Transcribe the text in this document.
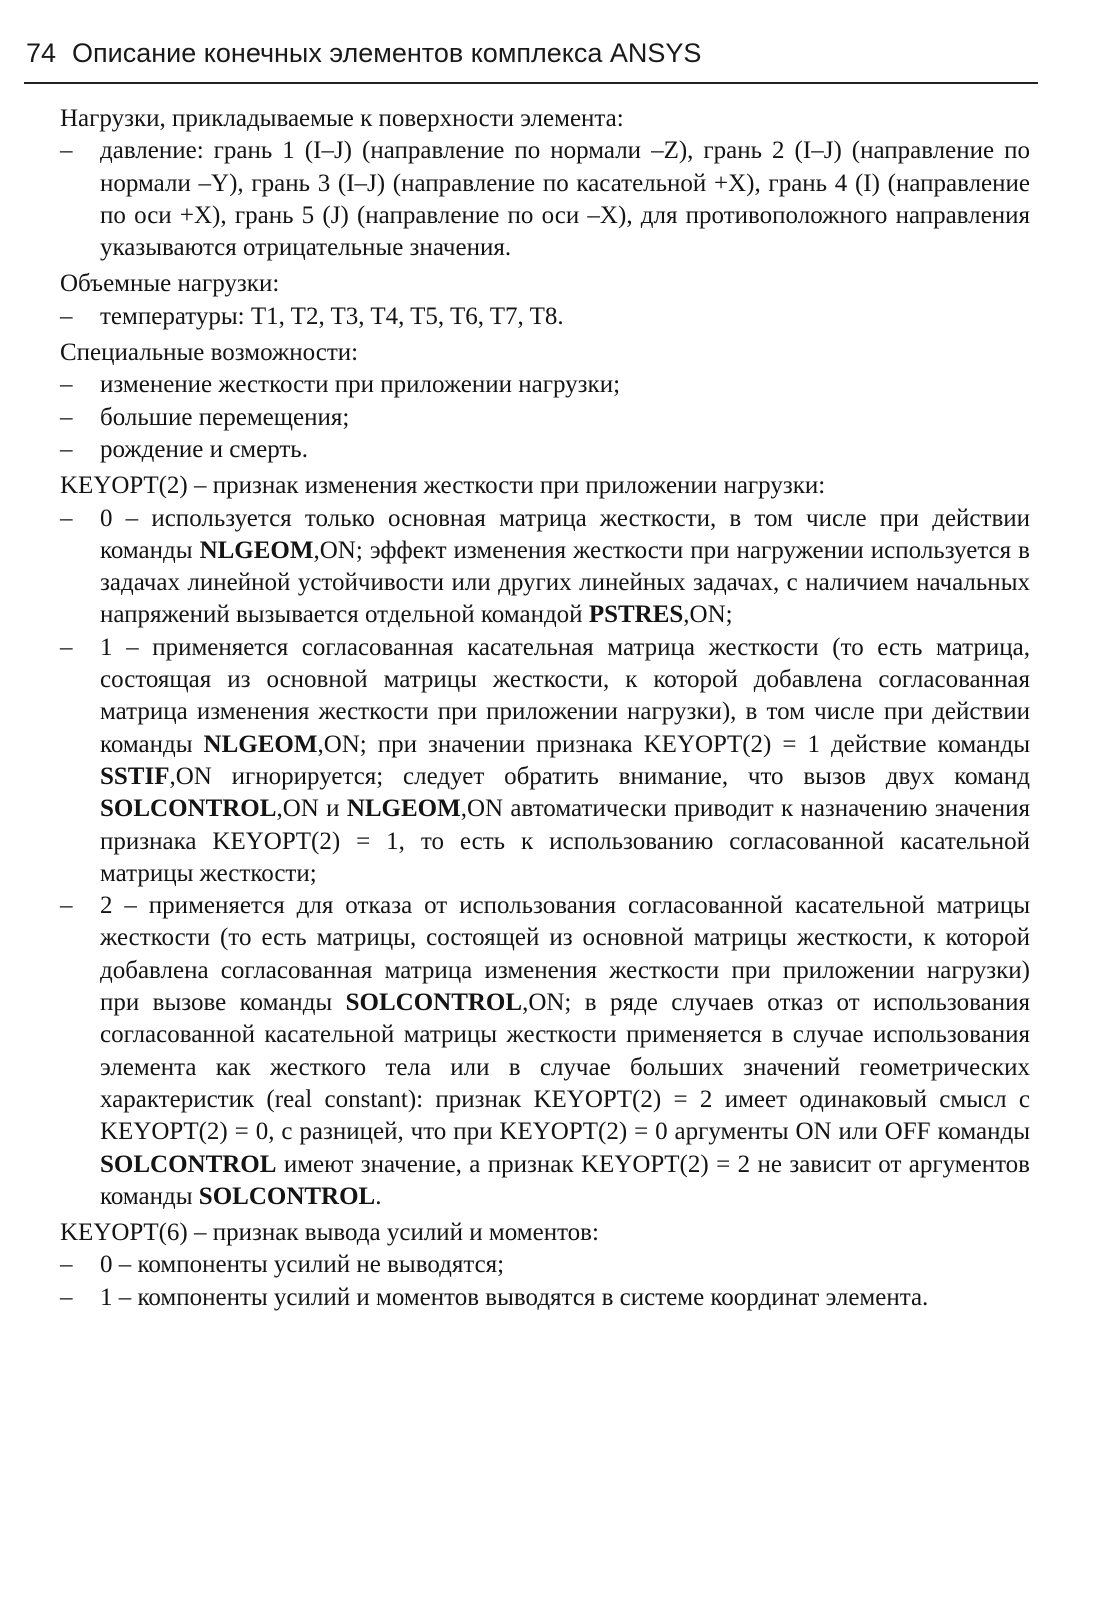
74 Описание конечных элементов комплекса ANSYS

Нагрузки, прикладываемые к поверхности элемента:

– давление: грань 1 (I–J) (направление по нормали –Z), грань 2 (I–J) (направление по нормали –Y), грань 3 (I–J) (направление по касательной +X), грань 4 (I) (направление по оси +X), грань 5 (J) (направление по оси –X), для противоположного направления указываются отрицательные значения.

Объемные нагрузки:

– температуры: T1, T2, T3, T4, T5, T6, T7, T8.

Специальные возможности:

– изменение жесткости при приложении нагрузки;
– большие перемещения;
– рождение и смерть.

KEYOPT(2) – признак изменения жесткости при приложении нагрузки:

– 0 – используется только основная матрица жесткости, в том числе при действии команды NLGEOM,ON; эффект изменения жесткости при нагружении используется в задачах линейной устойчивости или других линейных задачах, с наличием начальных напряжений вызывается отдельной командой PSTRES,ON;
– 1 – применяется согласованная касательная матрица жесткости (то есть матрица, состоящая из основной матрицы жесткости, к которой добавлена согласованная матрица изменения жесткости при приложении нагрузки), в том числе при действии команды NLGEOM,ON; при значении признака KEYOPT(2) = 1 действие команды SSTIF,ON игнорируется; следует обратить внимание, что вызов двух команд SOLCONTROL,ON и NLGEOM,ON автоматически приводит к назначению значения признака KEYOPT(2) = 1, то есть к использованию согласованной касательной матрицы жесткости;
– 2 – применяется для отказа от использования согласованной касательной матрицы жесткости (то есть матрицы, состоящей из основной матрицы жесткости, к которой добавлена согласованная матрица изменения жесткости при приложении нагрузки) при вызове команды SOLCONTROL,ON; в ряде случаев отказ от использования согласованной касательной матрицы жесткости применяется в случае использования элемента как жесткого тела или в случае больших значений геометрических характеристик (real constant): признак KEYOPT(2) = 2 имеет одинаковый смысл с KEYOPT(2) = 0, с разницей, что при KEYOPT(2) = 0 аргументы ON или OFF команды SOLCONTROL имеют значение, а признак KEYOPT(2) = 2 не зависит от аргументов команды SOLCONTROL.

KEYOPT(6) – признак вывода усилий и моментов:

– 0 – компоненты усилий не выводятся;
– 1 – компоненты усилий и моментов выводятся в системе координат элемента.
